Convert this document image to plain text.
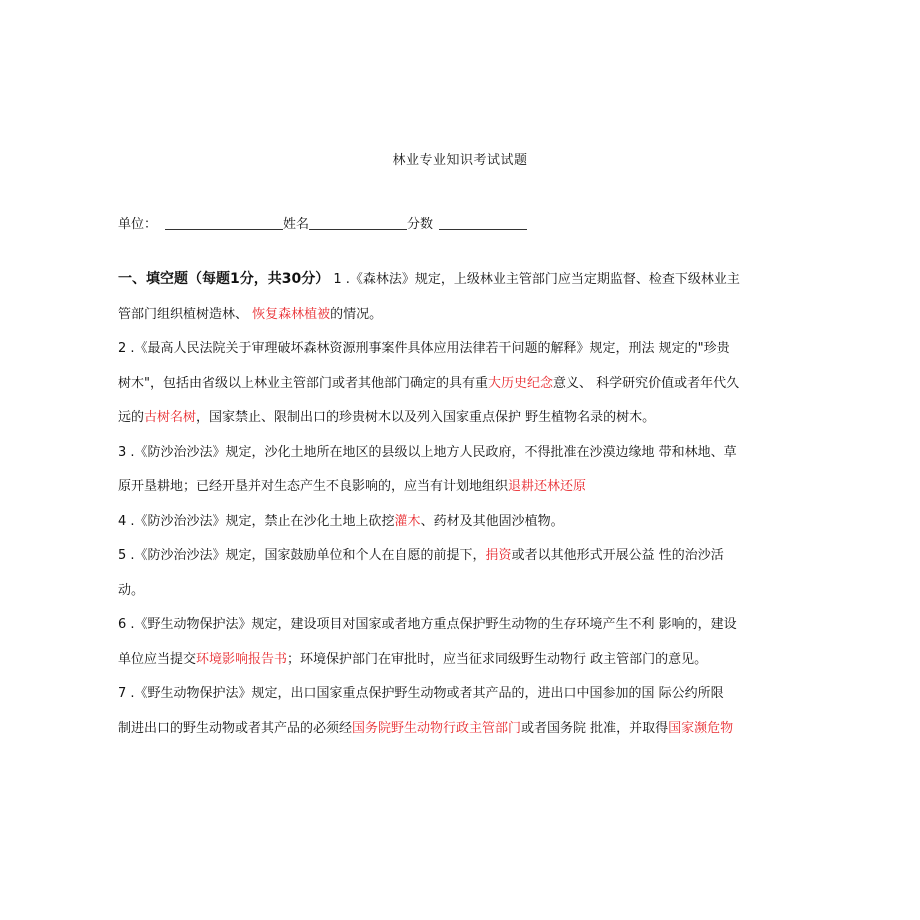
林业专业知识考试试题
单位：	姓名	分数

一、填空题（每题1分，共30分） 1 .《森林法》规定，上级林业主管部门应当定期监督、检查下级林业主

管部门组织植树造林、 恢复森林植被的情况。

2 .《最高人民法院关于审理破坏森林资源刑事案件具体应用法律若干问题的解释》规定，刑法 规定的"珍贵

树木"，包括由省级以上林业主管部门或者其他部门确定的具有重大历史纪念意义、 科学研究价值或者年代久

远的古树名树，国家禁止、限制出口的珍贵树木以及列入国家重点保护 野生植物名录的树木。

3 .《防沙治沙法》规定，沙化土地所在地区的县级以上地方人民政府，不得批准在沙漠边缘地 带和林地、草

原开垦耕地；已经开垦并对生态产生不良影响的，应当有计划地组织退耕还林还原

4 .《防沙治沙法》规定，禁止在沙化土地上砍挖灌木、药材及其他固沙植物。

5 .《防沙治沙法》规定，国家鼓励单位和个人在自愿的前提下，捐资或者以其他形式开展公益 性的治沙活

动。

6 .《野生动物保护法》规定，建设项目对国家或者地方重点保护野生动物的生存环境产生不利 影响的，建设

单位应当提交环境影响报告书；环境保护部门在审批时，应当征求同级野生动物行 政主管部门的意见。

7 .《野生动物保护法》规定，出口国家重点保护野生动物或者其产品的，进出口中国参加的国 际公约所限

制进出口的野生动物或者其产品的必须经国务院野生动物行政主管部门或者国务院 批准，并取得国家濒危物
